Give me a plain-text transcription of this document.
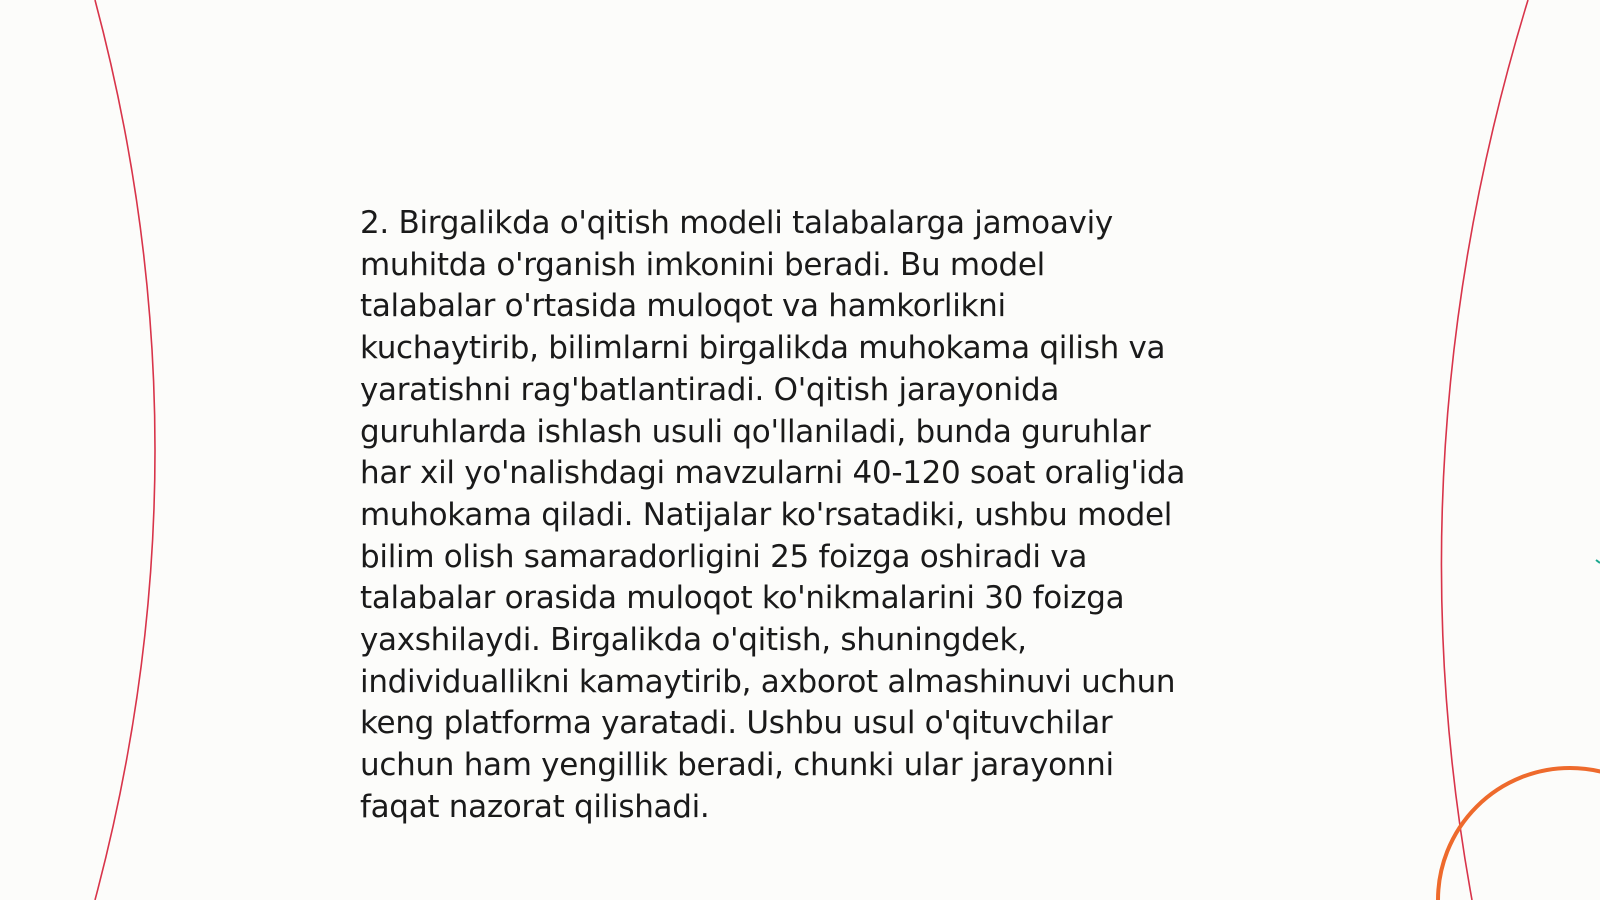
2. Birgalikda o'qitish modeli talabalarga jamoaviy
muhitda o'rganish imkonini beradi. Bu model
talabalar o'rtasida muloqot va hamkorlikni
kuchaytirib, bilimlarni birgalikda muhokama qilish va
yaratishni rag'batlantiradi. O'qitish jarayonida
guruhlarda ishlash usuli qo'llaniladi, bunda guruhlar
har xil yo'nalishdagi mavzularni 40-120 soat oralig'ida
muhokama qiladi. Natijalar ko'rsatadiki, ushbu model
bilim olish samaradorligini 25 foizga oshiradi va
talabalar orasida muloqot ko'nikmalarini 30 foizga
yaxshilaydi. Birgalikda o'qitish, shuningdek,
individuallikni kamaytirib, axborot almashinuvi uchun
keng platforma yaratadi. Ushbu usul o'qituvchilar
uchun ham yengillik beradi, chunki ular jarayonni
faqat nazorat qilishadi.
